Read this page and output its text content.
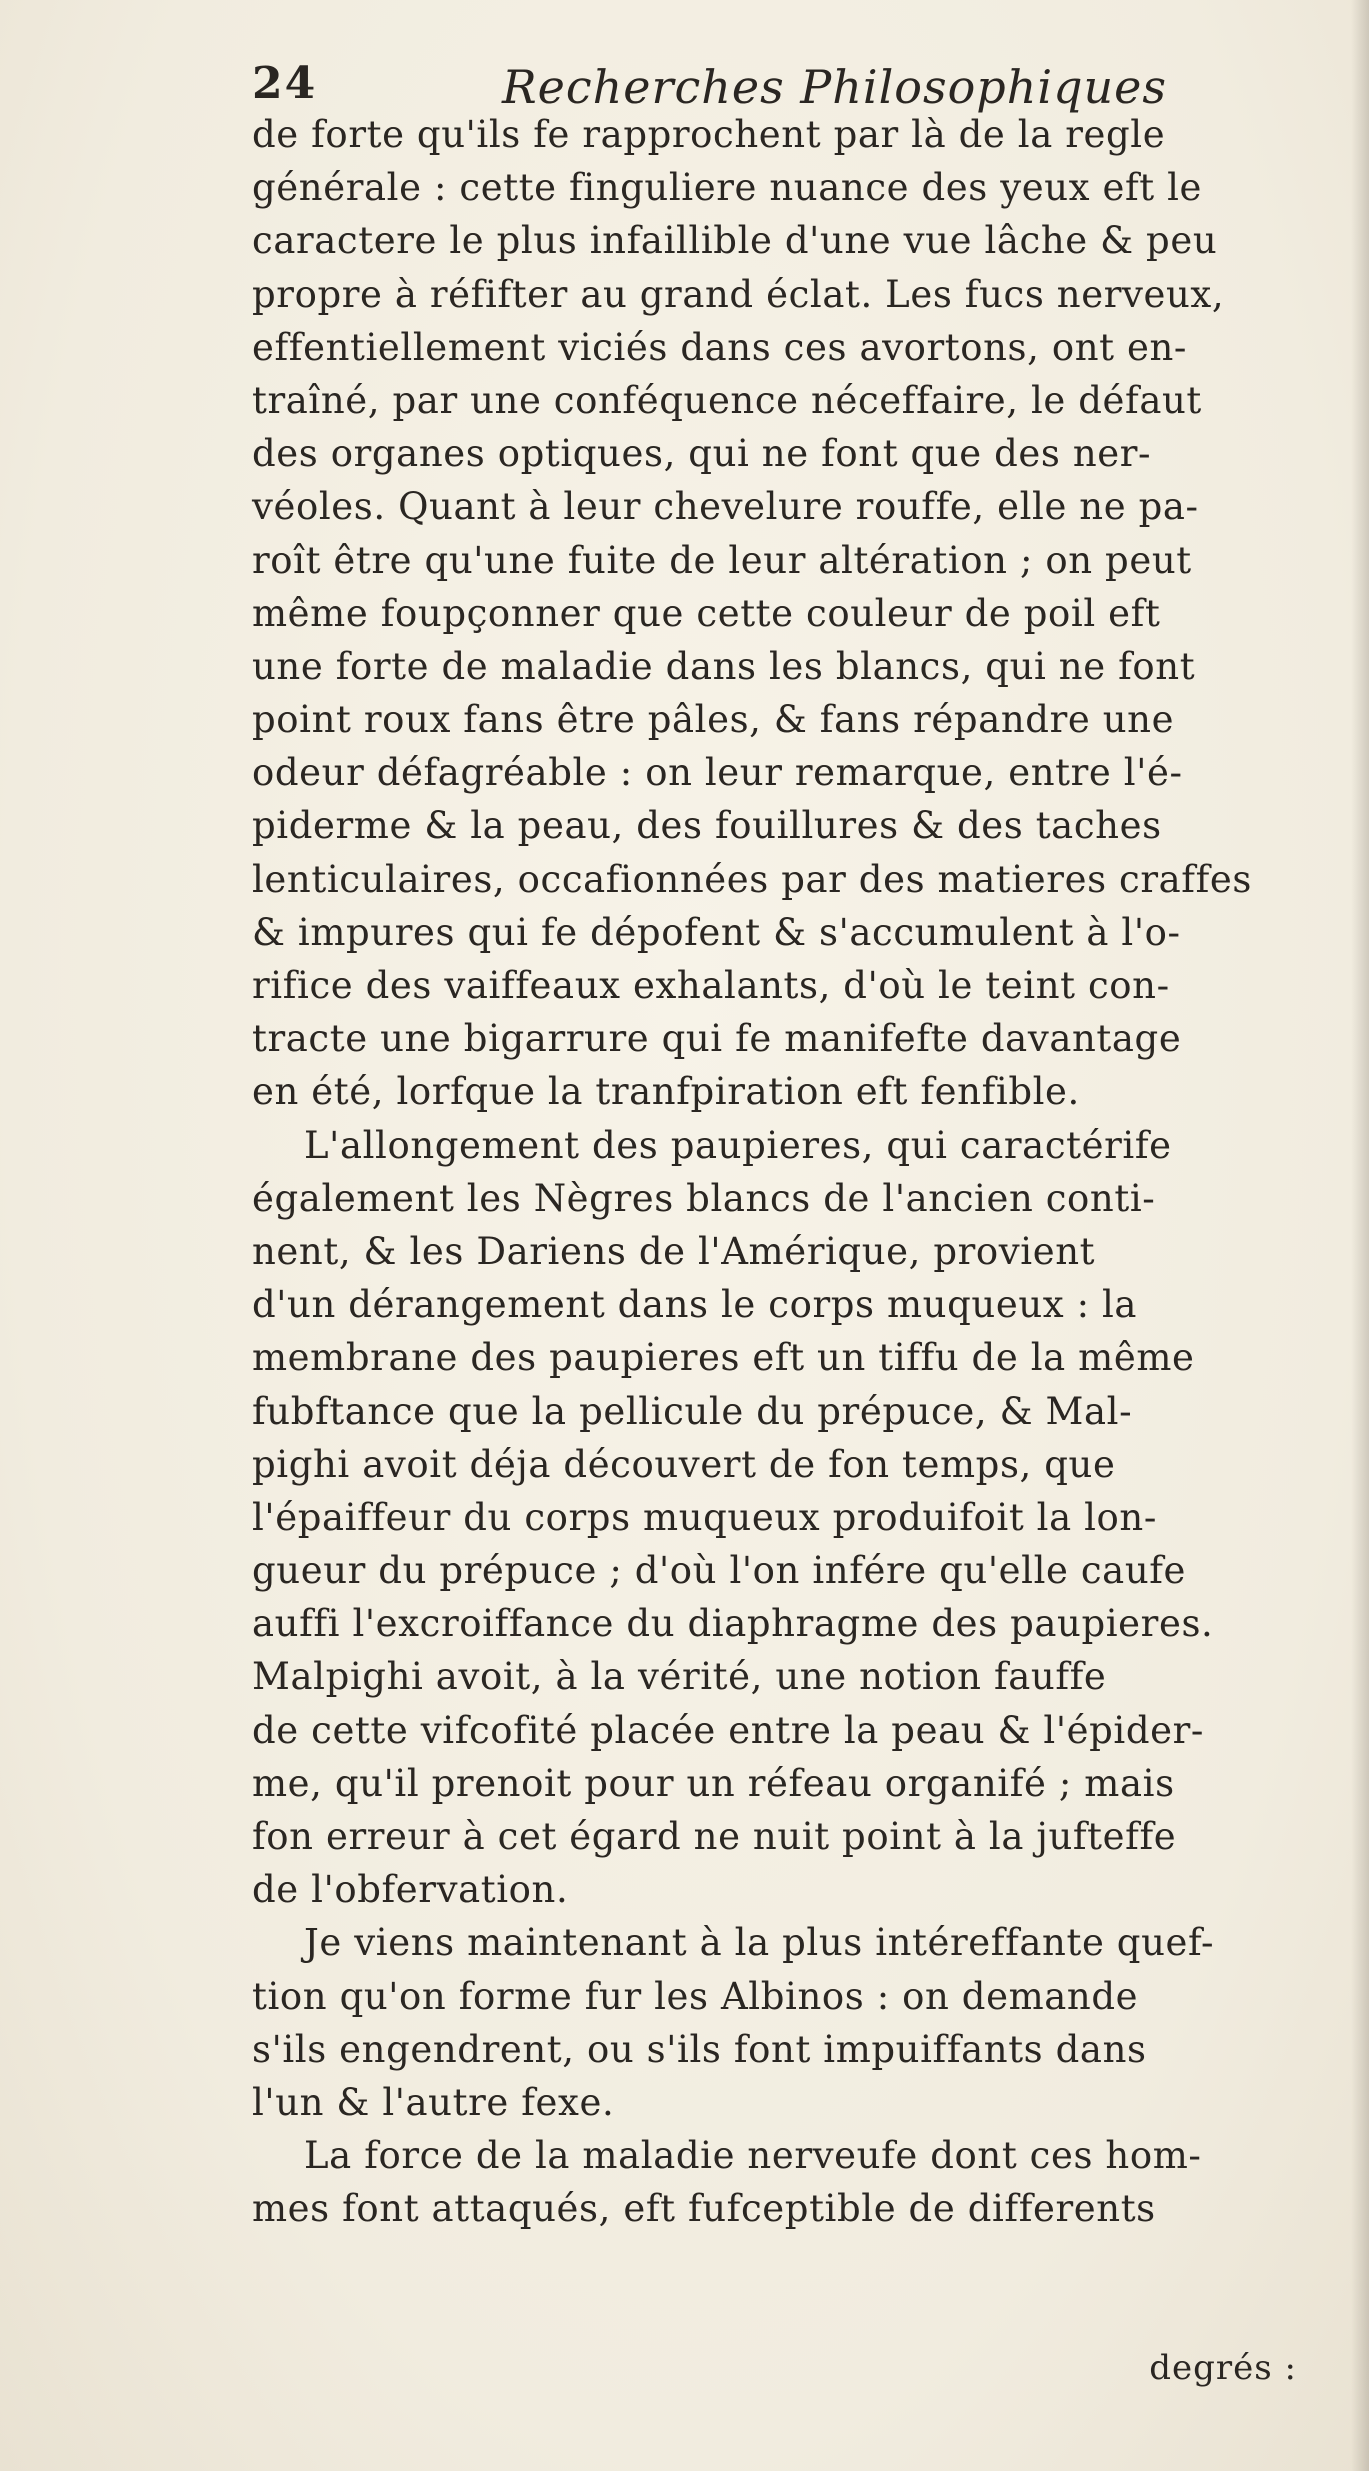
24	Recherches Philosophiques
de forte qu'ils fe rapprochent par là de la regle
générale : cette finguliere nuance des yeux eft le
caractere le plus infaillible d'une vue lâche & peu
propre à réfifter au grand éclat. Les fucs nerveux,
effentiellement viciés dans ces avortons, ont en-
traîné, par une conféquence néceffaire, le défaut
des organes optiques, qui ne font que des ner-
véoles. Quant à leur chevelure rouffe, elle ne pa-
roît être qu'une fuite de leur altération ; on peut
même foupçonner que cette couleur de poil eft
une forte de maladie dans les blancs, qui ne font
point roux fans être pâles, & fans répandre une
odeur défagréable : on leur remarque, entre l'é-
piderme & la peau, des fouillures & des taches
lenticulaires, occafionnées par des matieres craffes
& impures qui fe dépofent & s'accumulent à l'o-
rifice des vaiffeaux exhalants, d'où le teint con-
tracte une bigarrure qui fe manifefte davantage
en été, lorfque la tranfpiration eft fenfible.
L'allongement des paupieres, qui caractérife
également les Nègres blancs de l'ancien conti-
nent, & les Dariens de l'Amérique, provient
d'un dérangement dans le corps muqueux : la
membrane des paupieres eft un tiffu de la même
fubftance que la pellicule du prépuce, & Mal-
pighi avoit déja découvert de fon temps, que
l'épaiffeur du corps muqueux produifoit la lon-
gueur du prépuce ; d'où l'on infére qu'elle caufe
auffi l'excroiffance du diaphragme des paupieres.
Malpighi avoit, à la vérité, une notion fauffe
de cette vifcofité placée entre la peau & l'épider-
me, qu'il prenoit pour un réfeau organifé ; mais
fon erreur à cet égard ne nuit point à la jufteffe
de l'obfervation.
Je viens maintenant à la plus intéreffante quef-
tion qu'on forme fur les Albinos : on demande
s'ils engendrent, ou s'ils font impuiffants dans
l'un & l'autre fexe.
La force de la maladie nerveufe dont ces hom-
mes font attaqués, eft fufceptible de differents
degrés :
